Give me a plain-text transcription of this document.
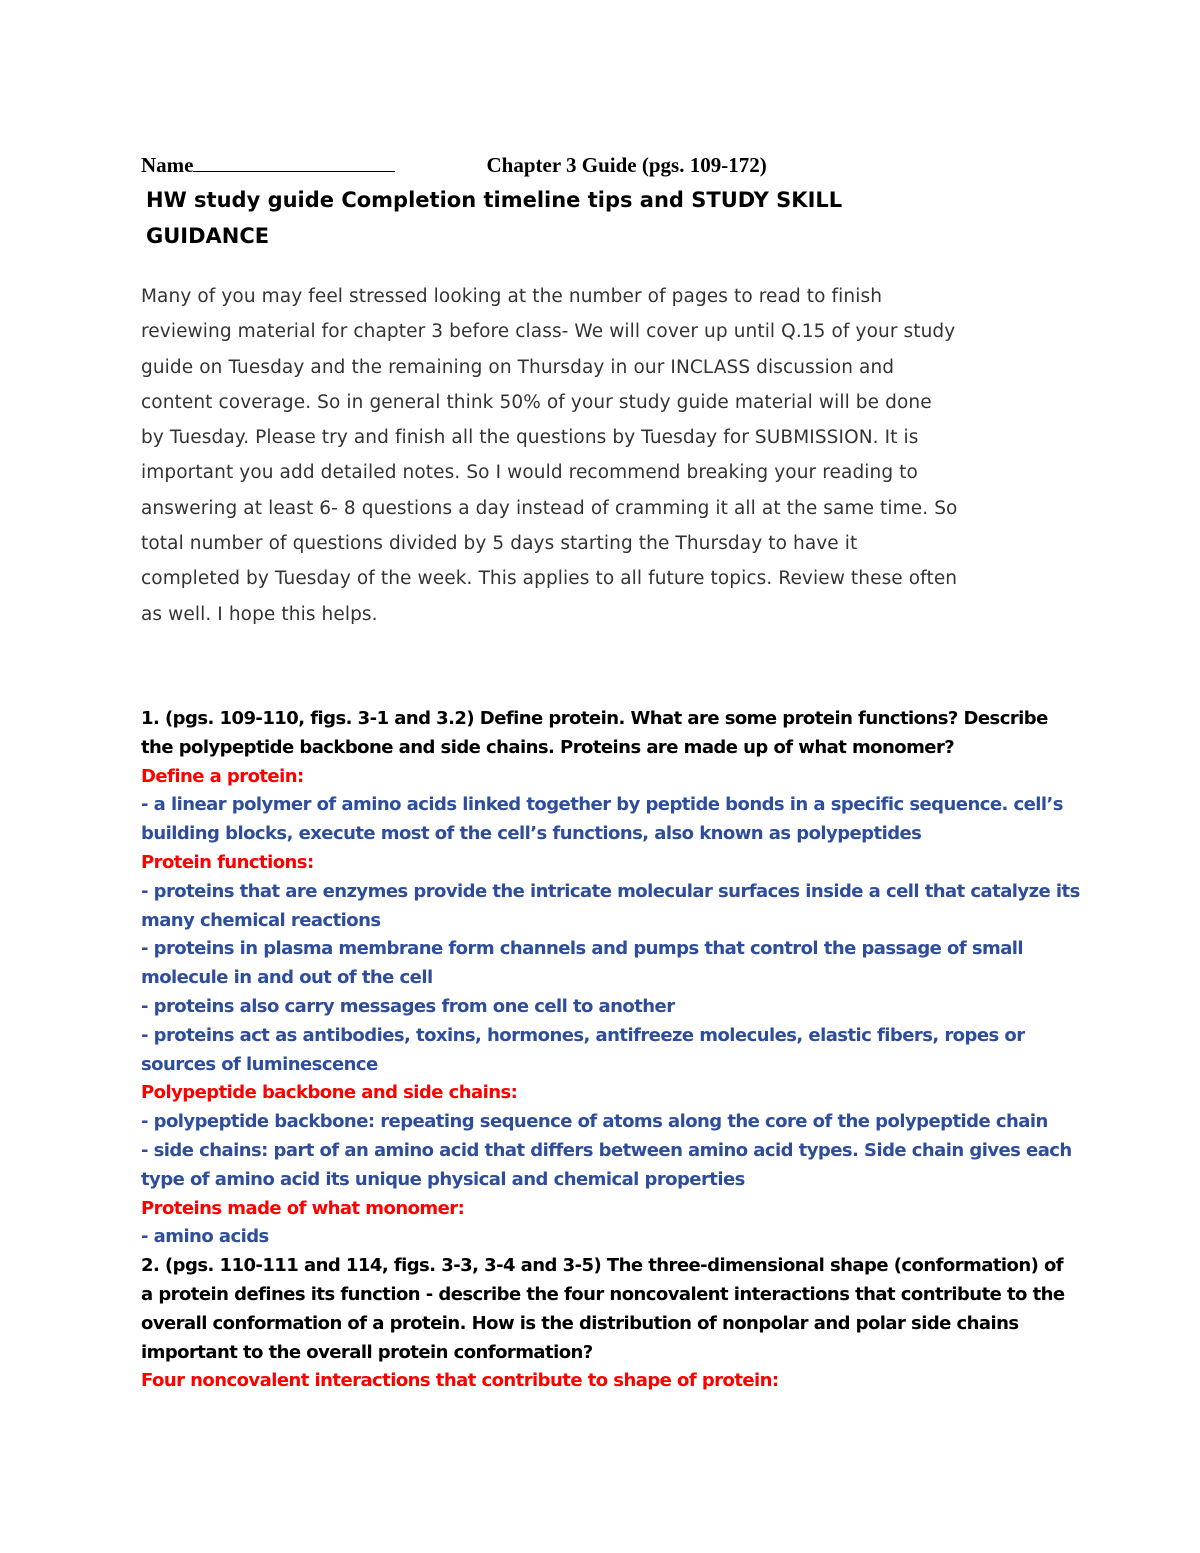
Name	Chapter 3 Guide (pgs. 109-172)
HW study guide Completion timeline tips and STUDY SKILL
GUIDANCE
Many of you may feel stressed looking at the number of pages to read to finish
reviewing material for chapter 3 before class- We will cover up until Q.15 of your study
guide on Tuesday and the remaining on Thursday in our INCLASS discussion and
content coverage. So in general think 50% of your study guide material will be done
by Tuesday. Please try and finish all the questions by Tuesday for SUBMISSION. It is
important you add detailed notes. So I would recommend breaking your reading to
answering at least 6- 8 questions a day instead of cramming it all at the same time. So
total number of questions divided by 5 days starting the Thursday to have it
completed by Tuesday of the week. This applies to all future topics. Review these often
as well. I hope this helps.
1. (pgs. 109-110, figs. 3-1 and 3.2) Define protein. What are some protein functions? Describe
the polypeptide backbone and side chains. Proteins are made up of what monomer?
Define a protein:
- a linear polymer of amino acids linked together by peptide bonds in a specific sequence. cell’s
building blocks, execute most of the cell’s functions, also known as polypeptides
Protein functions:
- proteins that are enzymes provide the intricate molecular surfaces inside a cell that catalyze its
many chemical reactions
- proteins in plasma membrane form channels and pumps that control the passage of small
molecule in and out of the cell
- proteins also carry messages from one cell to another
- proteins act as antibodies, toxins, hormones, antifreeze molecules, elastic fibers, ropes or
sources of luminescence
Polypeptide backbone and side chains:
- polypeptide backbone: repeating sequence of atoms along the core of the polypeptide chain
- side chains: part of an amino acid that differs between amino acid types. Side chain gives each
type of amino acid its unique physical and chemical properties
Proteins made of what monomer:
- amino acids
2. (pgs. 110-111 and 114, figs. 3-3, 3-4 and 3-5) The three-dimensional shape (conformation) of
a protein defines its function - describe the four noncovalent interactions that contribute to the
overall conformation of a protein. How is the distribution of nonpolar and polar side chains
important to the overall protein conformation?
Four noncovalent interactions that contribute to shape of protein:
